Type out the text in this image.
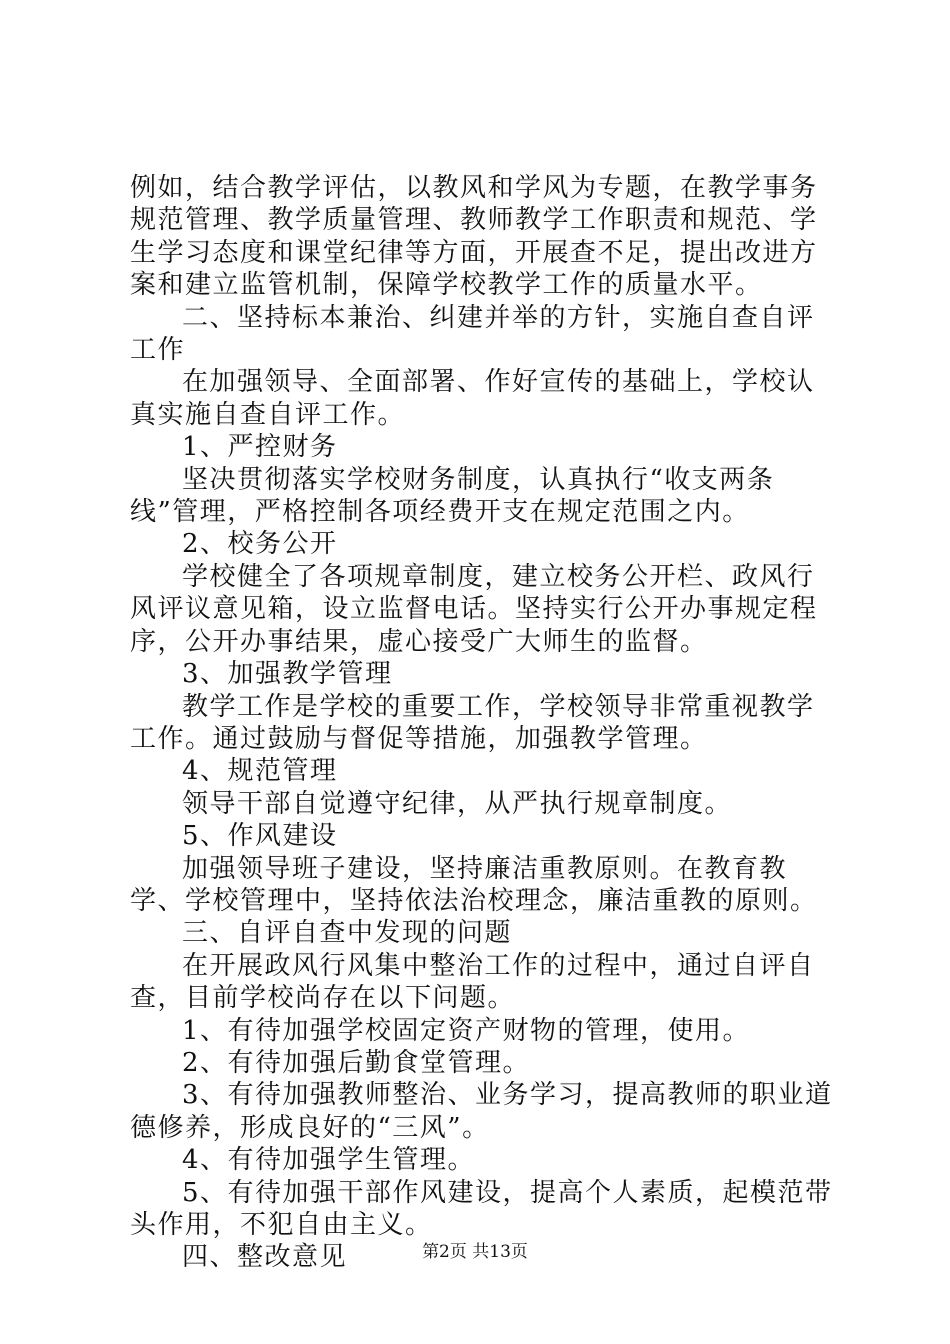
例如，结合教学评估，以教风和学风为专题，在教学事务规范管理、教学质量管理、教师教学工作职责和规范、学生学习态度和课堂纪律等方面，开展查不足，提出改进方案和建立监管机制，保障学校教学工作的质量水平。

二、坚持标本兼治、纠建并举的方针，实施自查自评工作

在加强领导、全面部署、作好宣传的基础上，学校认真实施自查自评工作。

1、严控财务

坚决贯彻落实学校财务制度，认真执行“收支两条线”管理，严格控制各项经费开支在规定范围之内。

2、校务公开

学校健全了各项规章制度，建立校务公开栏、政风行风评议意见箱，设立监督电话。坚持实行公开办事规定程序，公开办事结果，虚心接受广大师生的监督。

3、加强教学管理

教学工作是学校的重要工作，学校领导非常重视教学工作。通过鼓励与督促等措施，加强教学管理。

4、规范管理

领导干部自觉遵守纪律，从严执行规章制度。

5、作风建设

加强领导班子建设，坚持廉洁重教原则。在教育教学、学校管理中，坚持依法治校理念，廉洁重教的原则。

三、自评自查中发现的问题

在开展政风行风集中整治工作的过程中，通过自评自查，目前学校尚存在以下问题。

1、有待加强学校固定资产财物的管理，使用。

2、有待加强后勤食堂管理。

3、有待加强教师整治、业务学习，提高教师的职业道德修养，形成良好的“三风”。

4、有待加强学生管理。

5、有待加强干部作风建设，提高个人素质，起模范带头作用，不犯自由主义。

四、整改意见	第2页 共13页
